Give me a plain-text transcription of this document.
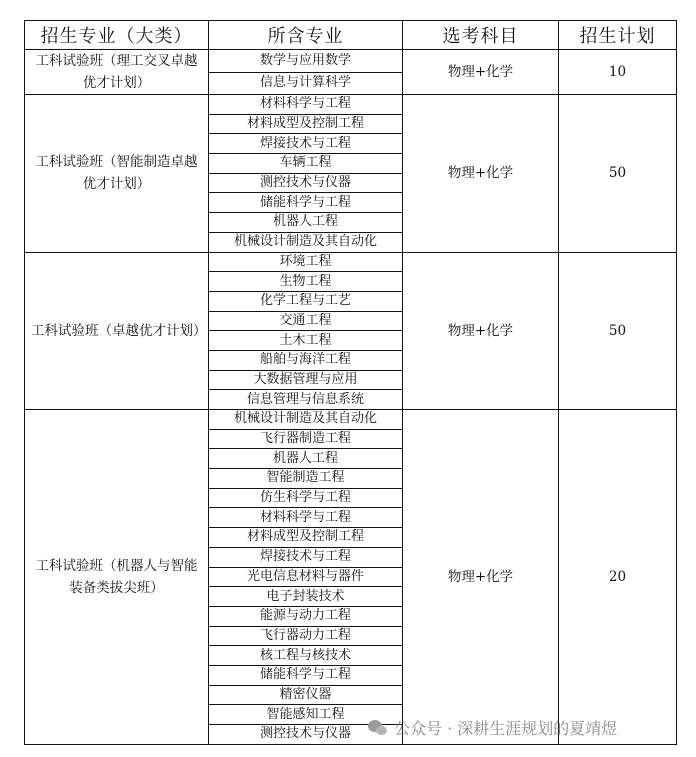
招生专业（大类）	所含专业	选考科目	招生计划
工科试验班（理工交叉卓越优才计划）	数学与应用数学	物理+化学	10
	信息与计算科学		
工科试验班（智能制造卓越优才计划）	材料科学与工程	物理+化学	50
	材料成型及控制工程		
	焊接技术与工程		
	车辆工程		
	测控技术与仪器		
	储能科学与工程		
	机器人工程		
	机械设计制造及其自动化		
工科试验班（卓越优才计划）	环境工程	物理+化学	50
	生物工程		
	化学工程与工艺		
	交通工程		
	土木工程		
	船舶与海洋工程		
	大数据管理与应用		
	信息管理与信息系统		
工科试验班（机器人与智能装备类拔尖班）	机械设计制造及其自动化	物理+化学	20
	飞行器制造工程		
	机器人工程		
	智能制造工程		
	仿生科学与工程		
	材料科学与工程		
	材料成型及控制工程		
	焊接技术与工程		
	光电信息材料与器件		
	电子封装技术		
	能源与动力工程		
	飞行器动力工程		
	核工程与核技术		
	储能科学与工程		
	精密仪器		
	智能感知工程		
	测控技术与仪器			公众号 · 深耕生涯规划的夏靖煜
